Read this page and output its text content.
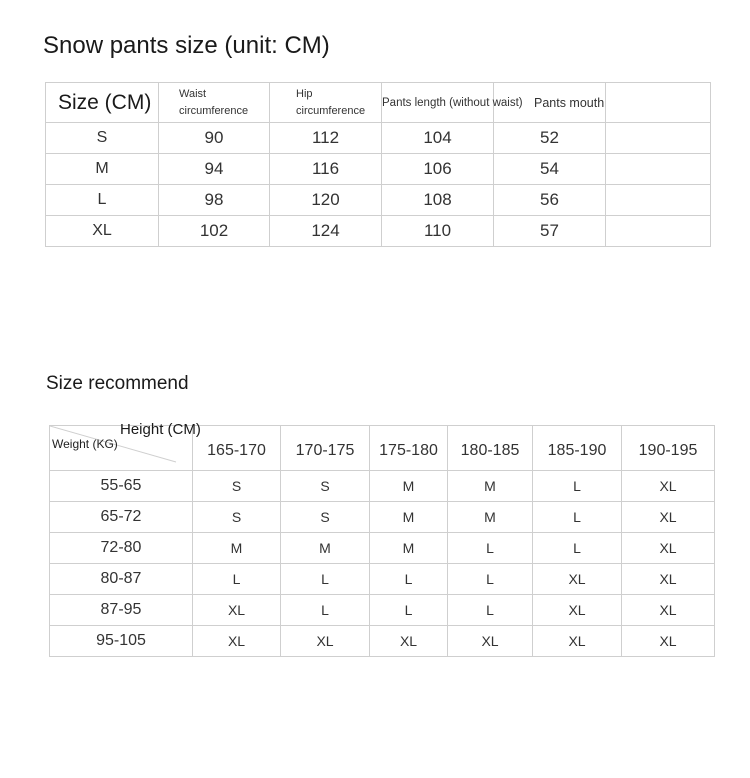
Snow pants size (unit: CM)
Size (CM)	Waist circumference	Hip circumference	Pants length (without waist)	Pants mouth	
S	90	112	104	52	
M	94	116	106	54	
L	98	120	108	56	
XL	102	124	110	57	
Size recommend
Height (CM)
Weight (KG)	165-170	170-175	175-180	180-185	185-190	190-195
55-65	S	S	M	M	L	XL
65-72	S	S	M	M	L	XL
72-80	M	M	M	L	L	XL
80-87	L	L	L	L	XL	XL
87-95	XL	L	L	L	XL	XL
95-105	XL	XL	XL	XL	XL	XL
